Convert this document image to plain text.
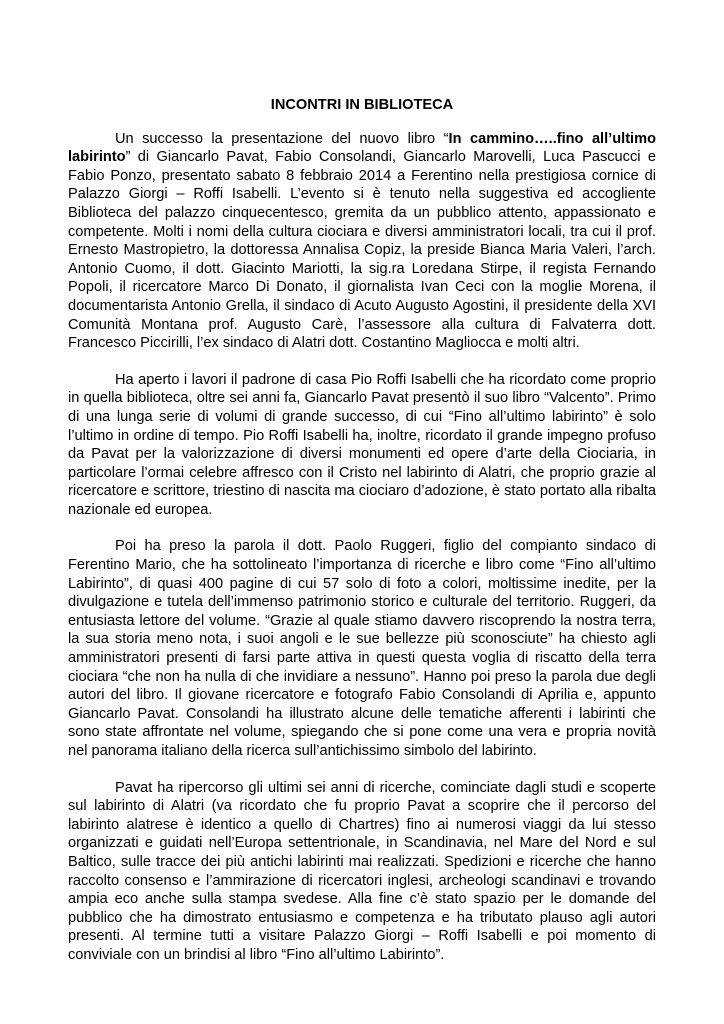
INCONTRI IN BIBLIOTECA

Un successo la presentazione del nuovo libro “In cammino…..fino all’ultimo labirinto” di Giancarlo Pavat, Fabio Consolandi, Giancarlo Marovelli, Luca Pascucci e Fabio Ponzo, presentato sabato 8 febbraio 2014 a Ferentino nella prestigiosa cornice di Palazzo Giorgi – Roffi Isabelli. L’evento si è tenuto nella suggestiva ed accogliente Biblioteca del palazzo cinquecentesco, gremita da un pubblico attento, appassionato e competente. Molti i nomi della cultura ciociara e diversi amministratori locali, tra cui il prof. Ernesto Mastropietro, la dottoressa Annalisa Copiz, la preside Bianca Maria Valeri, l’arch. Antonio Cuomo, il dott. Giacinto Mariotti, la sig.ra Loredana Stirpe, il regista Fernando Popoli, il ricercatore Marco Di Donato, il giornalista Ivan Ceci con la moglie Morena, il documentarista Antonio Grella, il sindaco di Acuto Augusto Agostini, il presidente della XVI Comunità Montana prof. Augusto Carè, l’assessore alla cultura di Falvaterra dott. Francesco Piccirilli, l’ex sindaco di Alatri dott. Costantino Magliocca e molti altri.

Ha aperto i lavori il padrone di casa Pio Roffi Isabelli che ha ricordato come proprio in quella biblioteca, oltre sei anni fa, Giancarlo Pavat presentò il suo libro “Valcento”. Primo di una lunga serie di volumi di grande successo, di cui “Fino all’ultimo labirinto” è solo l’ultimo in ordine di tempo. Pio Roffi Isabelli ha, inoltre, ricordato il grande impegno profuso da Pavat per la valorizzazione di diversi monumenti ed opere d’arte della Ciociaria, in particolare l’ormai celebre affresco con il Cristo nel labirinto di Alatri, che proprio grazie al ricercatore e scrittore, triestino di nascita ma ciociaro d’adozione, è stato portato alla ribalta nazionale ed europea.

Poi ha preso la parola il dott. Paolo Ruggeri, figlio del compianto sindaco di Ferentino Mario, che ha sottolineato l’importanza di ricerche e libro come “Fino all’ultimo Labirinto”, di quasi 400 pagine di cui 57 solo di foto a colori, moltissime inedite, per la divulgazione e tutela dell’immenso patrimonio storico e culturale del territorio. Ruggeri, da entusiasta lettore del volume. “Grazie al quale stiamo davvero riscoprendo la nostra terra, la sua storia meno nota, i suoi angoli e le sue bellezze più sconosciute” ha chiesto agli amministratori presenti di farsi parte attiva in questi questa voglia di riscatto della terra ciociara “che non ha nulla di che invidiare a nessuno”. Hanno poi preso la parola due degli autori del libro. Il giovane ricercatore e fotografo Fabio Consolandi di Aprilia e, appunto Giancarlo Pavat. Consolandi ha illustrato alcune delle tematiche afferenti i labirinti che sono state affrontate nel volume, spiegando che si pone come una vera e propria novità nel panorama italiano della ricerca sull’antichissimo simbolo del labirinto.

Pavat ha ripercorso gli ultimi sei anni di ricerche, cominciate dagli studi e scoperte sul labirinto di Alatri (va ricordato che fu proprio Pavat a scoprire che il percorso del labirinto alatrese è identico a quello di Chartres) fino ai numerosi viaggi da lui stesso organizzati e guidati nell’Europa settentrionale, in Scandinavia, nel Mare del Nord e sul Baltico, sulle tracce dei più antichi labirinti mai realizzati. Spedizioni e ricerche che hanno raccolto consenso e l’ammirazione di ricercatori inglesi, archeologi scandinavi e trovando ampia eco anche sulla stampa svedese. Alla fine c’è stato spazio per le domande del pubblico che ha dimostrato entusiasmo e competenza e ha tributato plauso agli autori presenti. Al termine tutti a visitare Palazzo Giorgi – Roffi Isabelli e poi momento di conviviale con un brindisi al libro “Fino all’ultimo Labirinto”.
